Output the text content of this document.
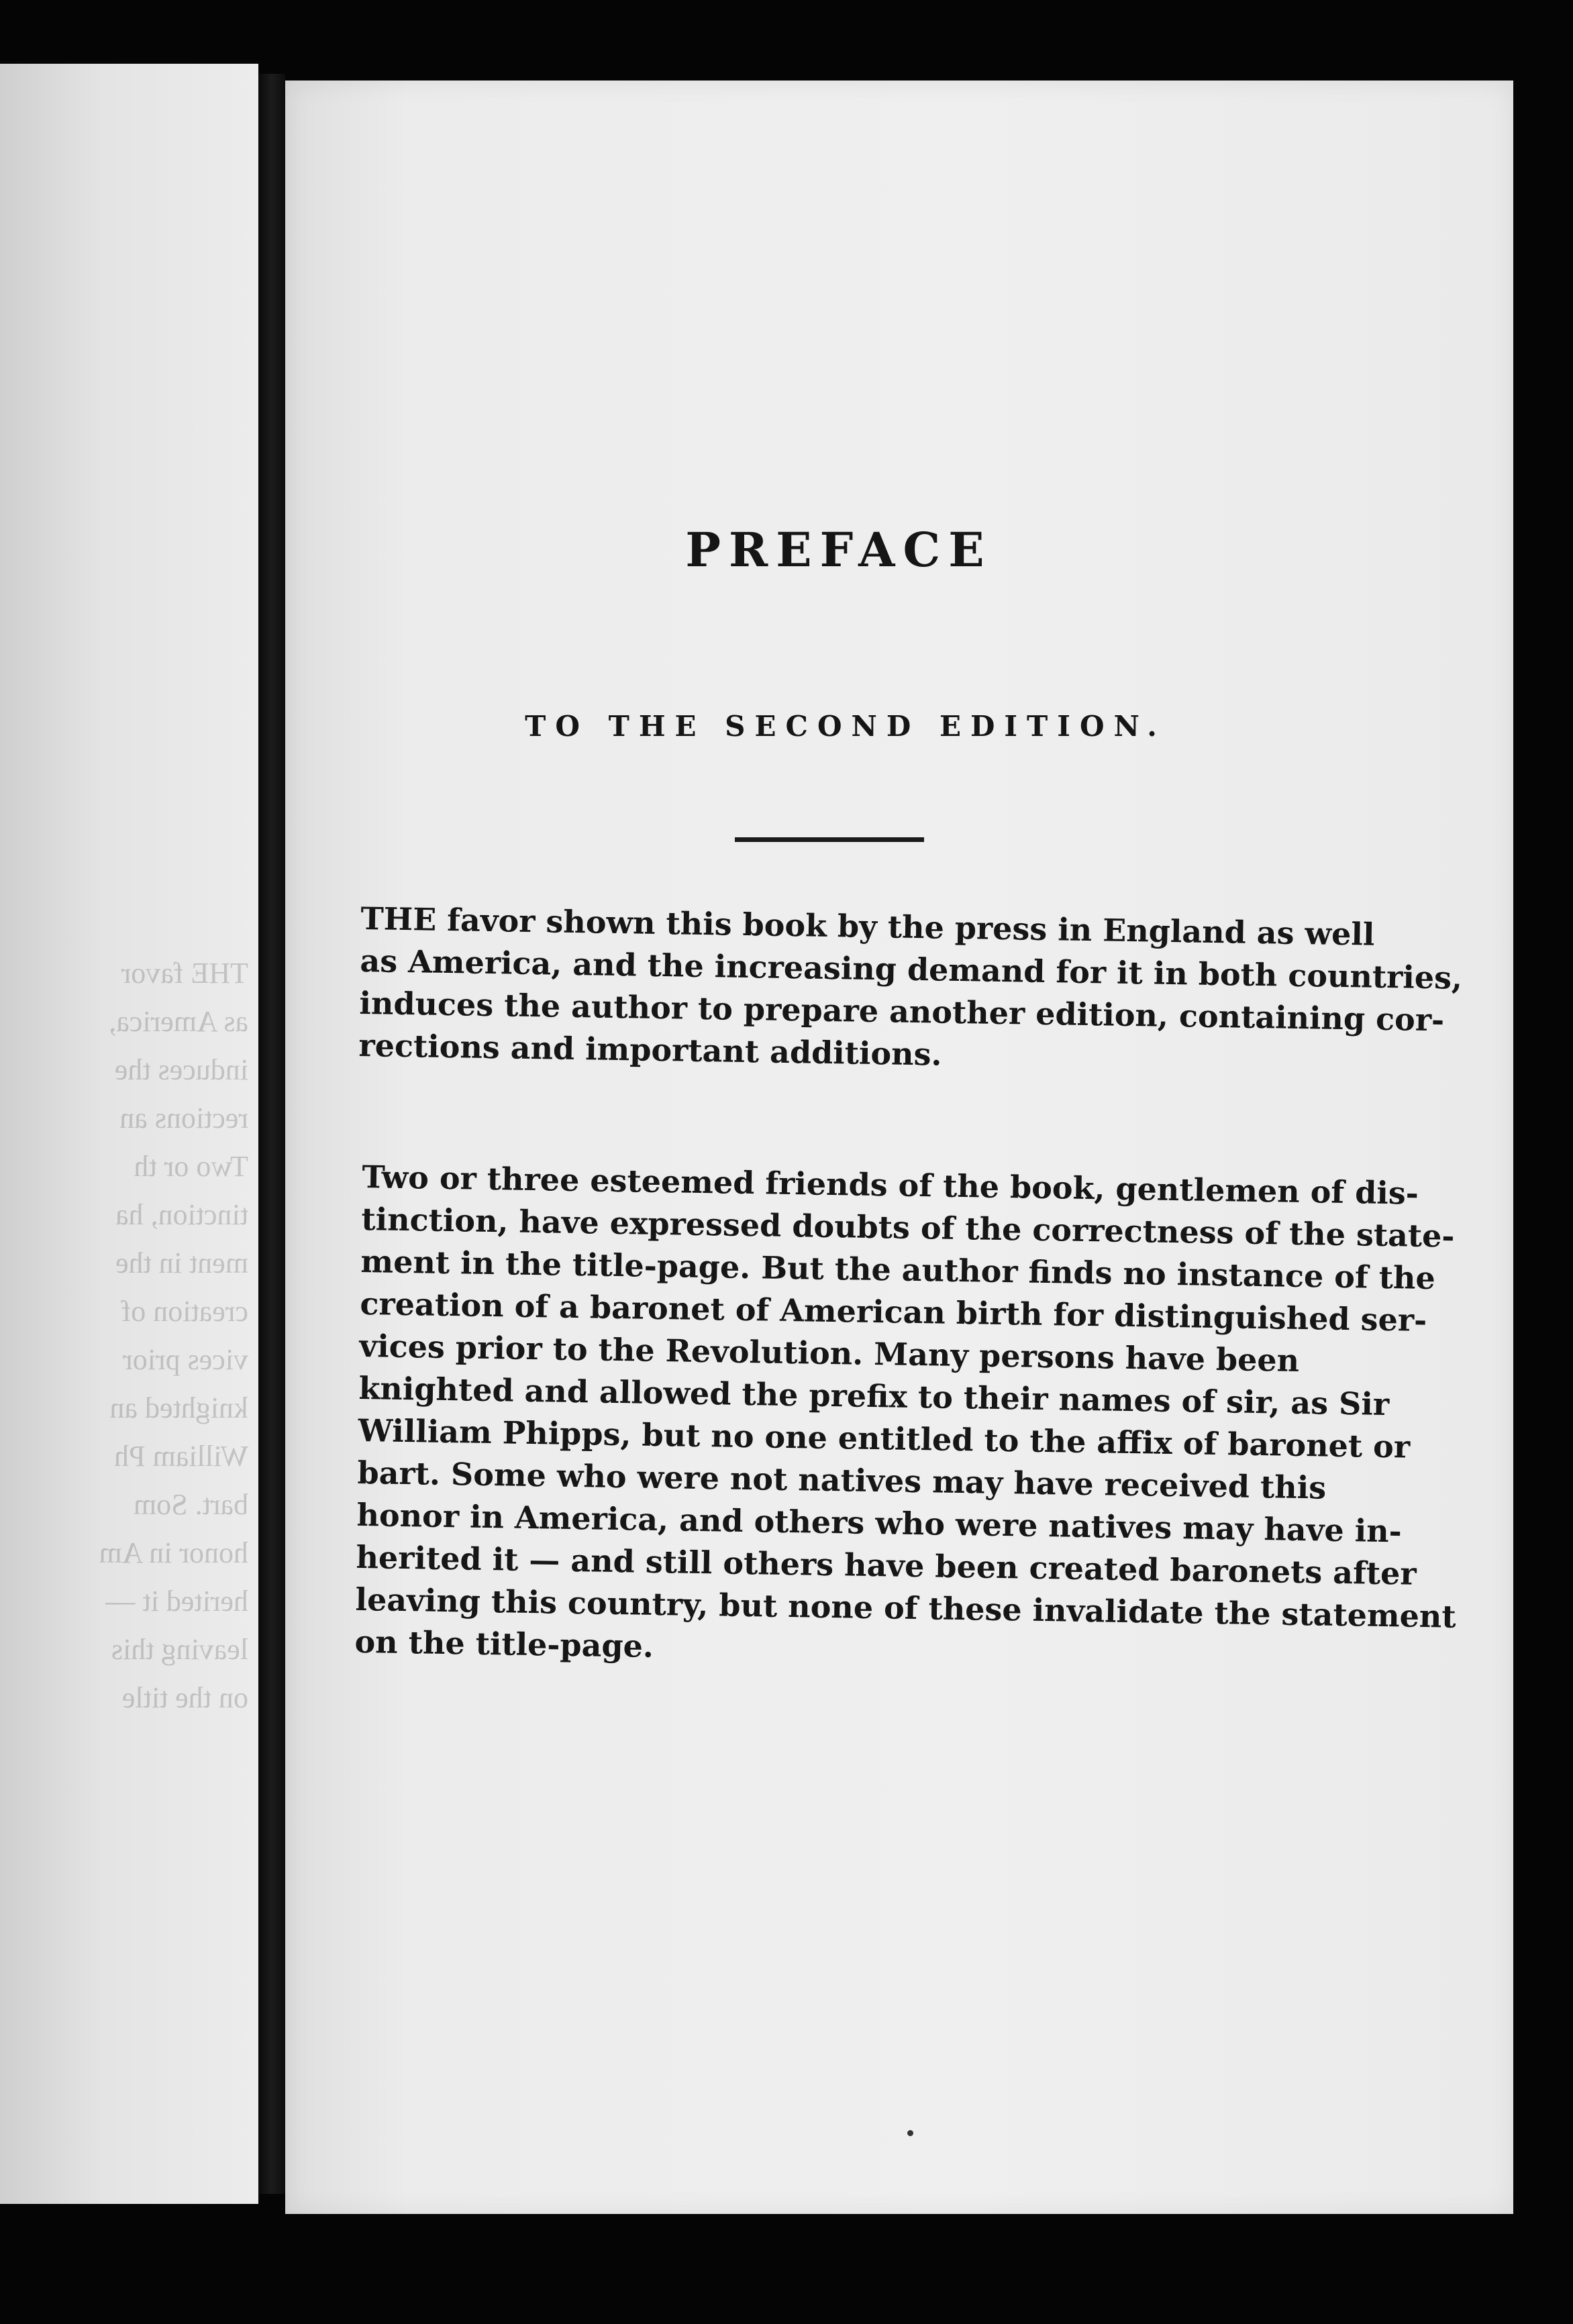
THE favor
as America,
induces the
rections an
Two or th
tinction, ha
ment in the
creation of
vices prior
knighted an
William Ph
bart. Som
honor in Am
herited it —
leaving this
on the title
PREFACE
TO THE SECOND EDITION.
THE favor shown this book by the press in England as well
as America, and the increasing demand for it in both countries,
induces the author to prepare another edition, containing cor-
rections and important additions.
Two or three esteemed friends of the book, gentlemen of dis-
tinction, have expressed doubts of the correctness of the state-
ment in the title-page. But the author finds no instance of the
creation of a baronet of American birth for distinguished ser-
vices prior to the Revolution. Many persons have been
knighted and allowed the prefix to their names of sir, as Sir
William Phipps, but no one entitled to the affix of baronet or
bart. Some who were not natives may have received this
honor in America, and others who were natives may have in-
herited it — and still others have been created baronets after
leaving this country, but none of these invalidate the statement
on the title-page.
